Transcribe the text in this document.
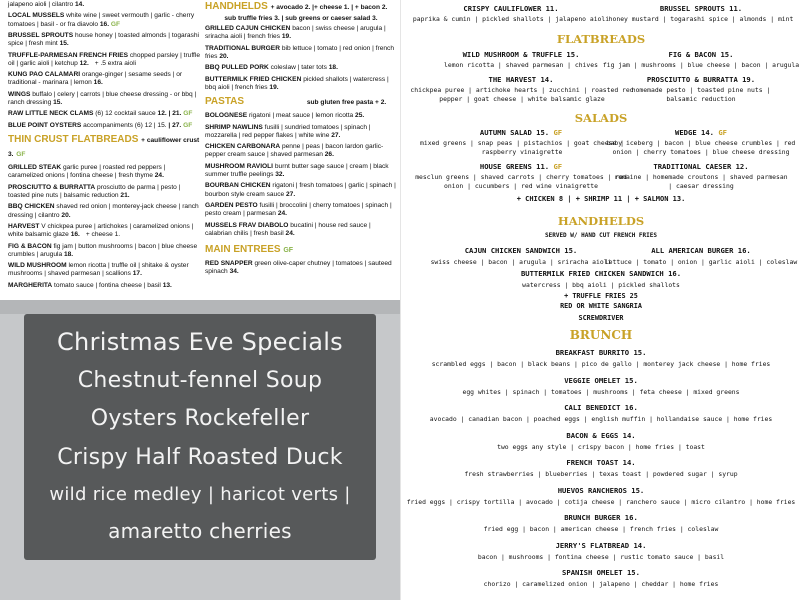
jalapeno aioli | cilantro 14.
LOCAL MUSSELS white wine | sweet vermouth | garlic - cherry tomatoes | basil - or fra diavolo 16. GF
BRUSSEL SPROUTS house honey | toasted almonds | togarashi spice | fresh mint 15.
TRUFFLE-PARMESAN FRENCH FRIES chopped parsley | truffle oil | garlic aioli | ketchup 12. + .5 extra aioli
KUNG PAO CALAMARI orange-ginger | sesame seeds | or traditional - marinara | lemon 16.
WINGS buffalo | celery | carrots | blue cheese dressing - or bbq | ranch dressing 15.
RAW LITTLE NECK CLAMS (6) 12 cocktail sauce 12. | 21. GF
BLUE POINT OYSTERS accompaniments (6) 12 | 15. | 27. GF
THIN CRUST FLATBREADS + cauliflower crust 3. GF
GRILLED STEAK garlic puree | roasted red peppers | caramelized onions | fontina cheese | fresh thyme 24.
PROSCIUTTO & BURRATTA prosciutto de parma | pesto | toasted pine nuts | balsamic reduction 21.
BBQ CHICKEN shaved red onion | monterey-jack cheese | ranch dressing | cilantro 20.
HARVEST V chickpea puree | artichokes | caramelized onions | white balsamic glaze 16. + cheese 1.
FIG & BACON fig jam | button mushrooms | bacon | blue cheese crumbles | arugula 18.
WILD MUSHROOM lemon ricotta | truffle oil | shitake & oyster mushrooms | shaved parmesan | scallions 17.
MARGHERITA tomato sauce | fontina cheese | basil 13.
HANDHELDS + avocado 2. |+ cheese 1. | + bacon 2.
sub truffle fries 3. | sub greens or caeser salad 3.
GRILLED CAJUN CHICKEN bacon | swiss cheese | arugula | sriracha aioli | french fries 19.
TRADITIONAL BURGER bib lettuce | tomato | red onion | french fries 20.
BBQ PULLED PORK coleslaw | tater tots 18.
BUTTERMILK FRIED CHICKEN pickled shallots | watercress | bbq aioli | french fries 19.
PASTAS	sub gluten free pasta + 2.
BOLOGNESE rigatoni | meat sauce | lemon ricotta 25.
SHRIMP NAWLINS fusilli | sundried tomatoes | spinach | mozzarella | red pepper flakes | white wine 27.
CHICKEN CARBONARA penne | peas | bacon lardon garlic-pepper cream sauce | shaved parmesan 26.
MUSHROOM RAVIOLI burnt butter sage sauce | cream | black summer truffle peelings 32.
BOURBAN CHICKEN rigatoni | fresh tomatoes | garlic | spinach | bourbon style cream sauce 27.
GARDEN PESTO fusilli | broccolini | cherry tomatoes | spinach | pesto cream | parmesan 24.
MUSSELS FRAV DIABOLO bucatini | house red sauce | calabrian chilis | fresh basil 24.
MAIN ENTREES GF
RED SNAPPER green olive-caper chutney | tomatoes | sauteed spinach 34.
Christmas Eve Specials
Chestnut-fennel Soup
Oysters Rockefeller
Crispy Half Roasted Duck
wild rice medley | haricot verts |
amaretto cherries
CRISPY CAULIFLOWER 11.
paprika & cumin | pickled shallots | jalapeno aioli
BRUSSEL SPROUTS 11.
honey mustard | togarashi spice | almonds | mint
FLATBREADS
WILD MUSHROOM & TRUFFLE 15.
lemon ricotta | shaved parmesan | chives
FIG & BACON 15.
fig jam | mushrooms | blue cheese | bacon | arugula
THE HARVEST 14.
chickpea puree | artichoke hearts | zucchini | roasted red pepper | goat cheese | white balsamic glaze
PROSCIUTTO & BURRATTA 19.
homemade pesto | toasted pine nuts | balsamic reduction
SALADS
AUTUMN SALAD 15. GF
mixed greens | snap peas | pistachios | goat cheese | raspberry vinaigrette
WEDGE 14. GF
baby iceberg | bacon | blue cheese crumbles | red onion | cherry tomatoes | blue cheese dressing
HOUSE GREENS 11. GF
mesclun greens | shaved carrots | cherry tomatoes | red onion | cucumbers | red wine vinaigrette
TRADITIONAL CAESER 12.
romaine | homemade croutons | shaved parmesan | caesar dressing
+ CHICKEN 8 | + SHRIMP 11 | + SALMON 13.
HANDHELDS
SERVED W/ HAND CUT FRENCH FRIES
CAJUN CHICKEN SANDWICH 15.
swiss cheese | bacon | arugula | sriracha aioli
ALL AMERICAN BURGER 16.
lettuce | tomato | onion | garlic aioli | coleslaw
BUTTERMILK FRIED CHICKEN SANDWICH 16.
watercress | bbq aioli | pickled shallots
+ TRUFFLE FRIES 25
RED OR WHITE SANGRIA
SCREWDRIVER
BRUNCH
BREAKFAST BURRITO 15.
scrambled eggs | bacon | black beans | pico de gallo | monterey jack cheese | home fries
VEGGIE OMELET 15.
egg whites | spinach | tomatoes | mushrooms | feta cheese | mixed greens
CALI BENEDICT 16.
avocado | canadian bacon | poached eggs | english muffin | hollandaise sauce | home fries
BACON & EGGS 14.
two eggs any style | crispy bacon | home fries | toast
FRENCH TOAST 14.
fresh strawberries | blueberries | texas toast | powdered sugar | syrup
HUEVOS RANCHEROS 15.
fried eggs | crispy tortilla | avocado | cotija cheese | ranchero sauce | micro cilantro | home fries
BRUNCH BURGER 16.
fried egg | bacon | american cheese | french fries | coleslaw
JERRY'S FLATBREAD 14.
bacon | mushrooms | fontina cheese | rustic tomato sauce | basil
SPANISH OMELET 15.
chorizo | caramelized onion | jalapeno | cheddar | home fries
